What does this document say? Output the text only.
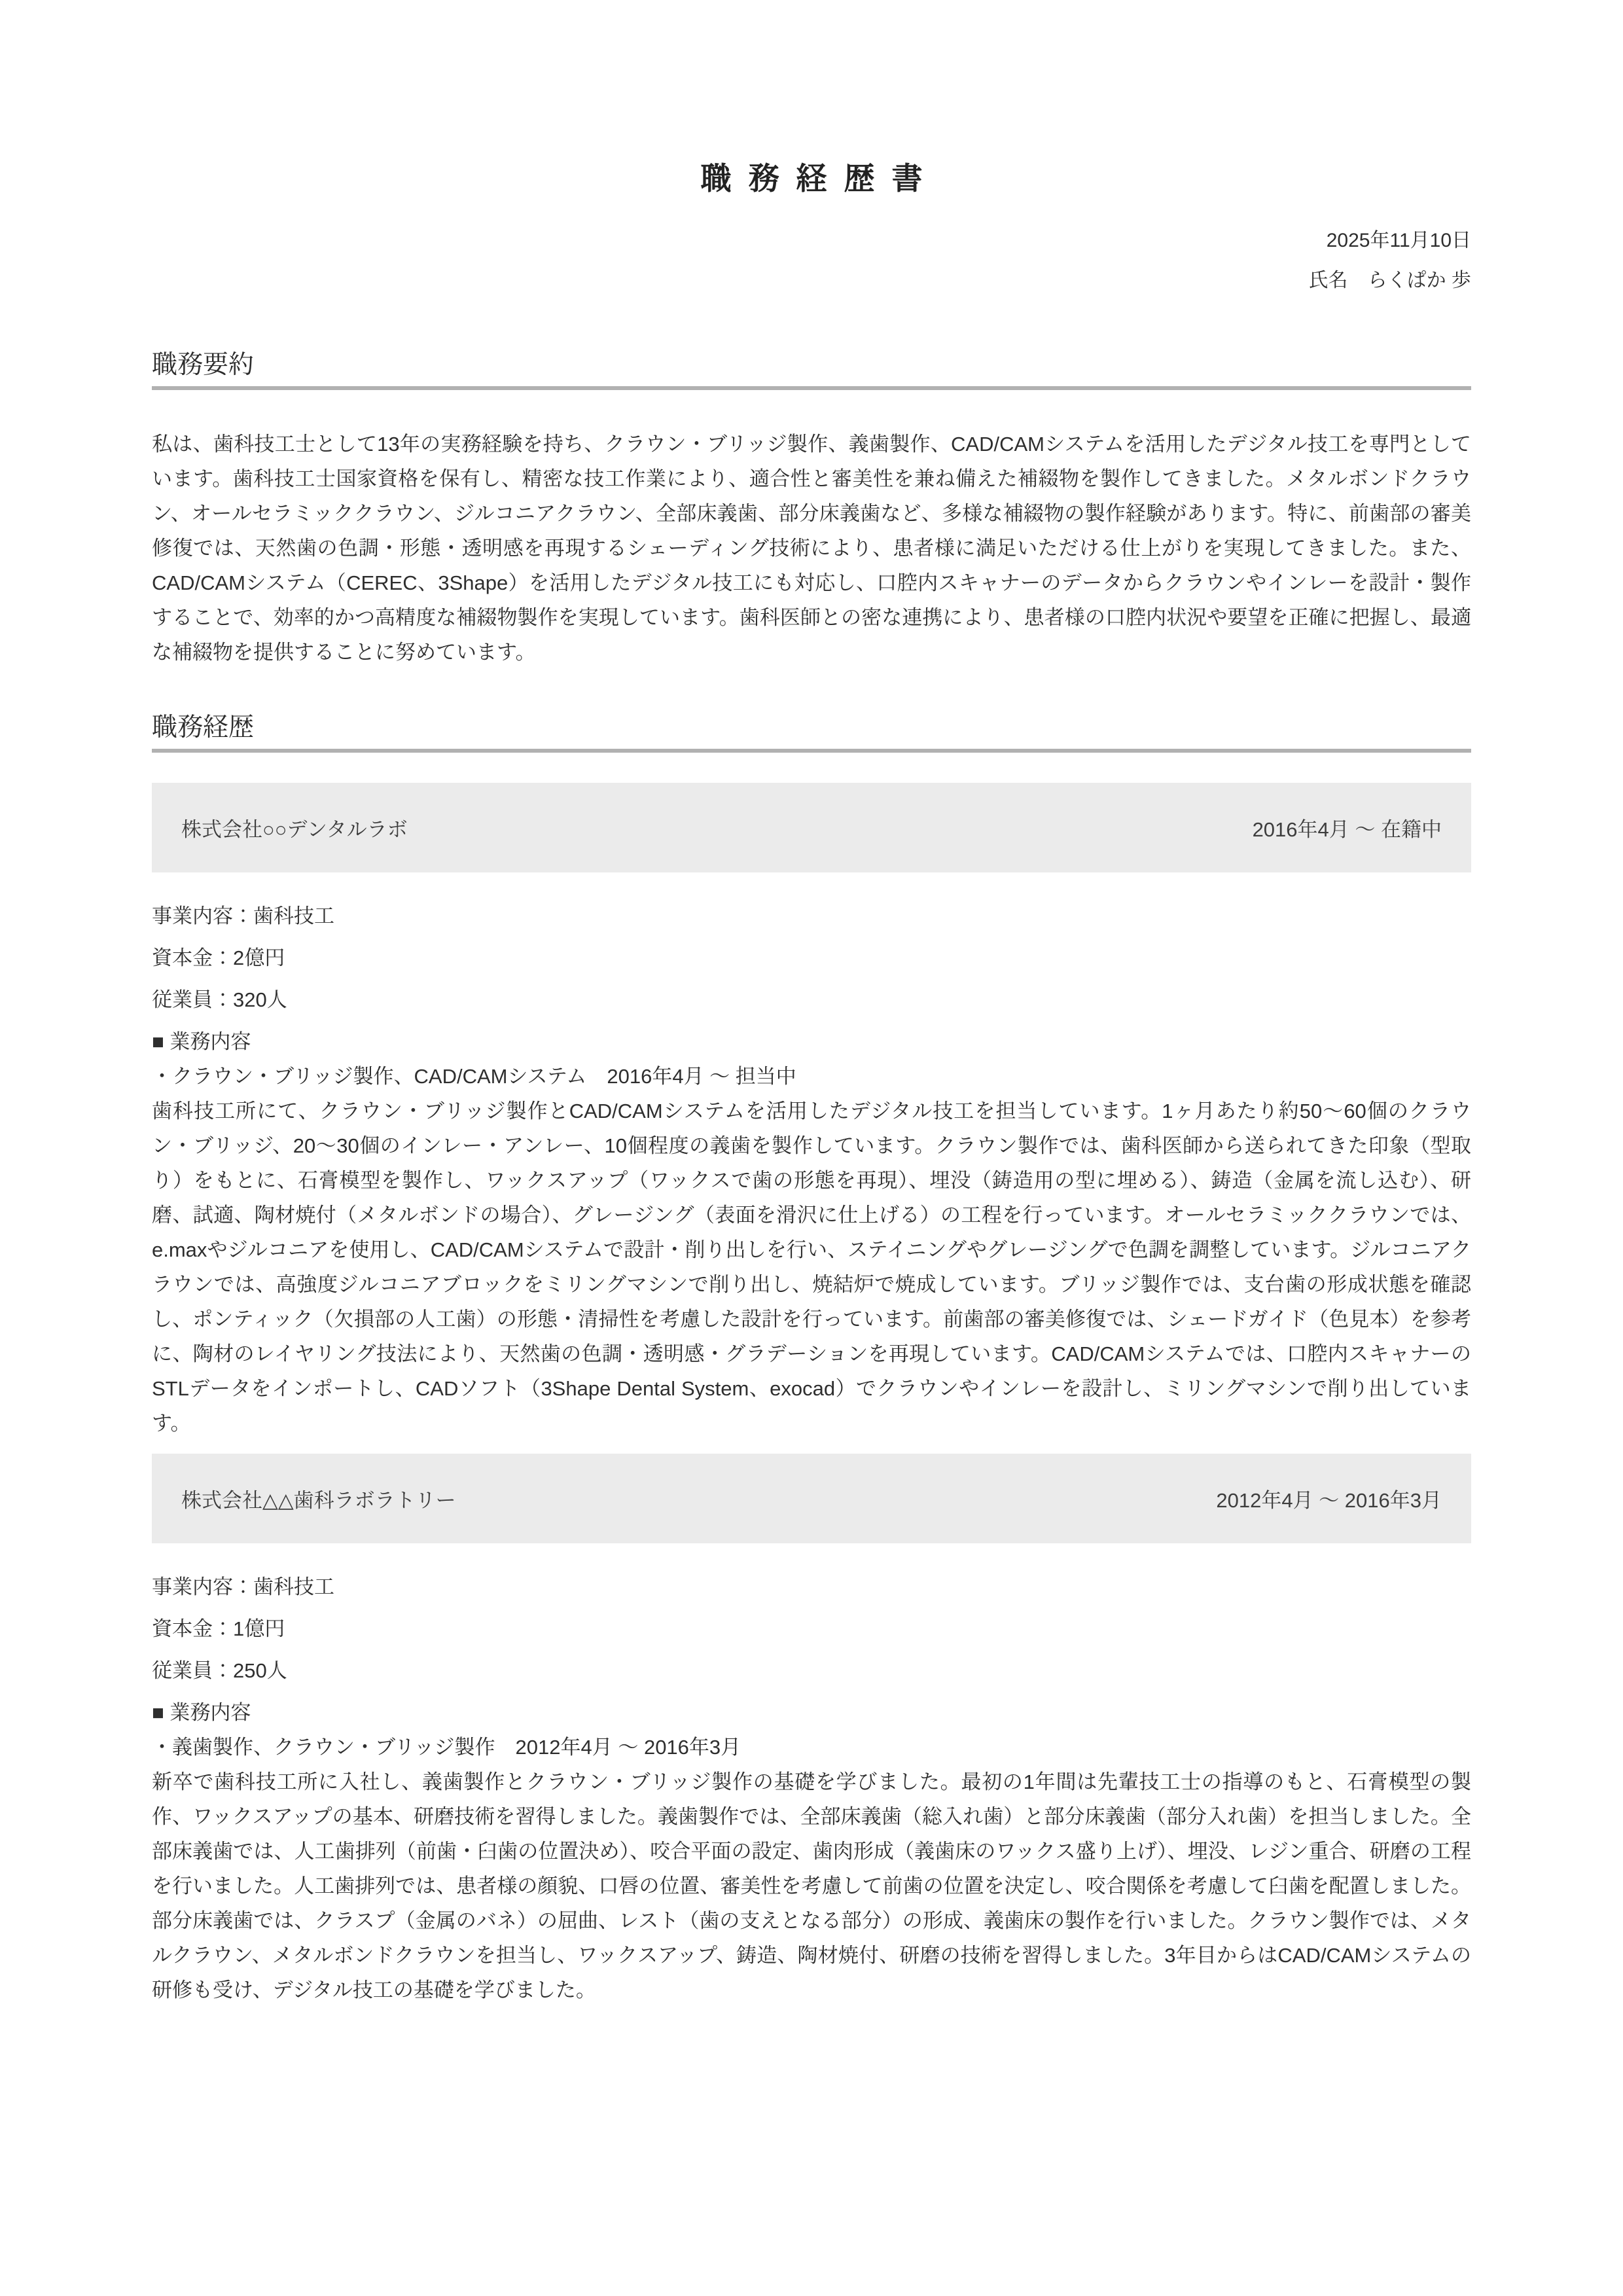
職務経歴書
2025年11月10日
氏名　らくぱか 歩
職務要約

私は、歯科技工士として13年の実務経験を持ち、クラウン・ブリッジ製作、義歯製作、CAD/CAMシステムを活用したデジタル技工を専門としています。歯科技工士国家資格を保有し、精密な技工作業により、適合性と審美性を兼ね備えた補綴物を製作してきました。メタルボンドクラウン、オールセラミッククラウン、ジルコニアクラウン、全部床義歯、部分床義歯など、多様な補綴物の製作経験があります。特に、前歯部の審美修復では、天然歯の色調・形態・透明感を再現するシェーディング技術により、患者様に満足いただける仕上がりを実現してきました。また、CAD/CAMシステム（CEREC、3Shape）を活用したデジタル技工にも対応し、口腔内スキャナーのデータからクラウンやインレーを設計・製作することで、効率的かつ高精度な補綴物製作を実現しています。歯科医師との密な連携により、患者様の口腔内状況や要望を正確に把握し、最適な補綴物を提供することに努めています。

職務経歴
株式会社○○デンタルラボ	2016年4月 ～ 在籍中
事業内容：歯科技工
資本金：2億円
従業員：320人
■ 業務内容
・クラウン・ブリッジ製作、CAD/CAMシステム　2016年4月 ～ 担当中

歯科技工所にて、クラウン・ブリッジ製作とCAD/CAMシステムを活用したデジタル技工を担当しています。1ヶ月あたり約50～60個のクラウン・ブリッジ、20～30個のインレー・アンレー、10個程度の義歯を製作しています。クラウン製作では、歯科医師から送られてきた印象（型取り）をもとに、石膏模型を製作し、ワックスアップ（ワックスで歯の形態を再現）、埋没（鋳造用の型に埋める）、鋳造（金属を流し込む）、研磨、試適、陶材焼付（メタルボンドの場合）、グレージング（表面を滑沢に仕上げる）の工程を行っています。オールセラミッククラウンでは、e.maxやジルコニアを使用し、CAD/CAMシステムで設計・削り出しを行い、ステイニングやグレージングで色調を調整しています。ジルコニアクラウンでは、高強度ジルコニアブロックをミリングマシンで削り出し、焼結炉で焼成しています。ブリッジ製作では、支台歯の形成状態を確認し、ポンティック（欠損部の人工歯）の形態・清掃性を考慮した設計を行っています。前歯部の審美修復では、シェードガイド（色見本）を参考に、陶材のレイヤリング技法により、天然歯の色調・透明感・グラデーションを再現しています。CAD/CAMシステムでは、口腔内スキャナーのSTLデータをインポートし、CADソフト（3Shape Dental System、exocad）でクラウンやインレーを設計し、ミリングマシンで削り出しています。

株式会社△△歯科ラボラトリー	2012年4月 ～ 2016年3月
事業内容：歯科技工
資本金：1億円
従業員：250人
■ 業務内容
・義歯製作、クラウン・ブリッジ製作　2012年4月 ～ 2016年3月

新卒で歯科技工所に入社し、義歯製作とクラウン・ブリッジ製作の基礎を学びました。最初の1年間は先輩技工士の指導のもと、石膏模型の製作、ワックスアップの基本、研磨技術を習得しました。義歯製作では、全部床義歯（総入れ歯）と部分床義歯（部分入れ歯）を担当しました。全部床義歯では、人工歯排列（前歯・臼歯の位置決め）、咬合平面の設定、歯肉形成（義歯床のワックス盛り上げ）、埋没、レジン重合、研磨の工程を行いました。人工歯排列では、患者様の顔貌、口唇の位置、審美性を考慮して前歯の位置を決定し、咬合関係を考慮して臼歯を配置しました。部分床義歯では、クラスプ（金属のバネ）の屈曲、レスト（歯の支えとなる部分）の形成、義歯床の製作を行いました。クラウン製作では、メタルクラウン、メタルボンドクラウンを担当し、ワックスアップ、鋳造、陶材焼付、研磨の技術を習得しました。3年目からはCAD/CAMシステムの研修も受け、デジタル技工の基礎を学びました。
